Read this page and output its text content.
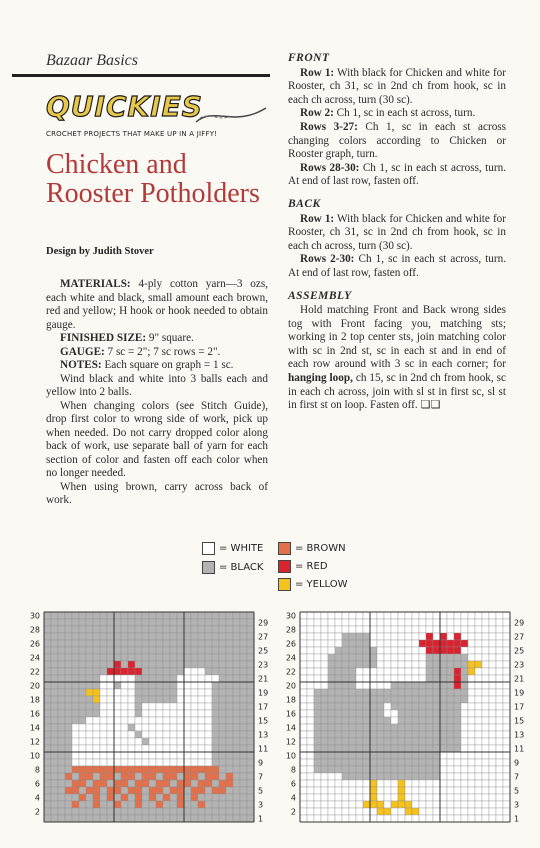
Bazaar Basics
QUICKIES
CROCHET PROJECTS THAT MAKE UP IN A JIFFY!
Chicken and Rooster Potholders
Design by Judith Stover

MATERIALS: 4-ply cotton yarn—3 ozs, each white and black, small amount each brown, red and yellow; H hook or hook needed to obtain gauge.

FINISHED SIZE: 9" square.

GAUGE: 7 sc = 2"; 7 sc rows = 2".

NOTES: Each square on graph = 1 sc.

Wind black and white into 3 balls each and yellow into 2 balls.

When changing colors (see Stitch Guide), drop first color to wrong side of work, pick up when needed. Do not carry dropped color along back of work, use separate ball of yarn for each section of color and fasten off each color when no longer needed.

When using brown, carry across back of work.

FRONT

Row 1: With black for Chicken and white for Rooster, ch 31, sc in 2nd ch from hook, sc in each ch across, turn (30 sc).

Row 2: Ch 1, sc in each st across, turn.

Rows 3-27: Ch 1, sc in each st across changing colors according to Chicken or Rooster graph, turn.

Rows 28-30: Ch 1, sc in each st across, turn. At end of last row, fasten off.

BACK

Row 1: With black for Chicken and white for Rooster, ch 31, sc in 2nd ch from hook, sc in each ch across, turn (30 sc).

Rows 2-30: Ch 1, sc in each st across, turn. At end of last row, fasten off.

ASSEMBLY

Hold matching Front and Back wrong sides tog with Front facing you, matching sts; working in 2 top center sts, join matching color with sc in 2nd st, sc in each st and in end of each row around with 3 sc in each corner; for hanging loop, ch 15, sc in 2nd ch from hook, sc in each ch across, join with sl st in first sc, sl st in first st on loop. Fasten off. ❏❏

= WHITE
= BLACK
= BROWN
= RED
= YELLOW
30
28
26
24
22
20
18
16
14
12
10
8
6
4
2
29
27
25
23
21
19
17
15
13
11
9
7
5
3
1
30
28
26
24
22
20
18
16
14
12
10
8
6
4
2
29
27
25
23
21
19
17
15
13
11
9
7
5
3
1
